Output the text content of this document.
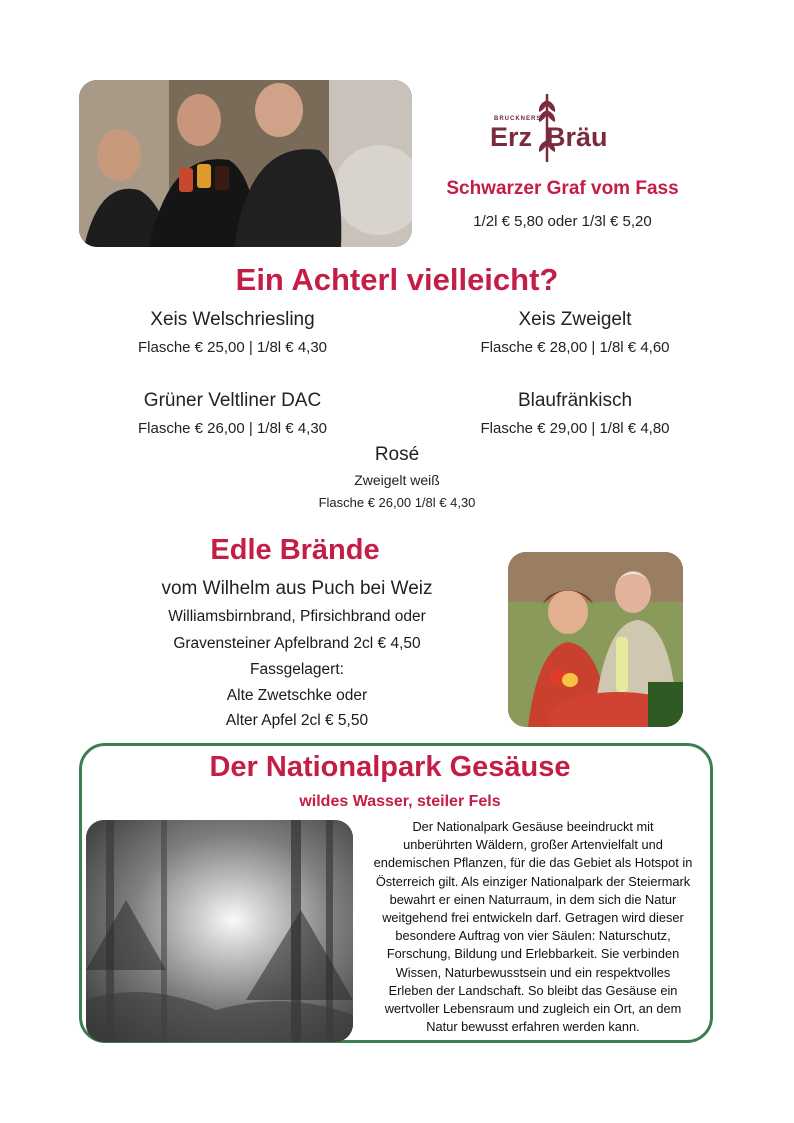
BRUCKNERS
Erz Bräu
Schwarzer Graf vom Fass
1/2l € 5,80 oder 1/3l € 5,20
Ein Achterl vielleicht?
Xeis Welschriesling
Flasche € 25,00 | 1/8l € 4,30
Xeis Zweigelt
Flasche € 28,00 | 1/8l € 4,60
Grüner Veltliner DAC
Flasche € 26,00 | 1/8l € 4,30
Blaufränkisch
Flasche € 29,00 | 1/8l € 4,80
Rosé
Zweigelt weiß
Flasche € 26,00 1/8l € 4,30
Edle Brände
vom Wilhelm aus Puch bei Weiz
Williamsbirnbrand, Pfirsichbrand oder
Gravensteiner Apfelbrand 2cl € 4,50
Fassgelagert:
Alte Zwetschke oder
Alter Apfel 2cl € 5,50
Der Nationalpark Gesäuse
wildes Wasser, steiler Fels
Der Nationalpark Gesäuse beeindruckt mit
unberührten Wäldern, großer Artenvielfalt und
endemischen Pflanzen, für die das Gebiet als Hotspot in
Österreich gilt. Als einziger Nationalpark der Steiermark
bewahrt er einen Naturraum, in dem sich die Natur
weitgehend frei entwickeln darf. Getragen wird dieser
besondere Auftrag von vier Säulen: Naturschutz,
Forschung, Bildung und Erlebbarkeit. Sie verbinden
Wissen, Naturbewusstsein und ein respektvolles
Erleben der Landschaft. So bleibt das Gesäuse ein
wertvoller Lebensraum und zugleich ein Ort, an dem
Natur bewusst erfahren werden kann.
